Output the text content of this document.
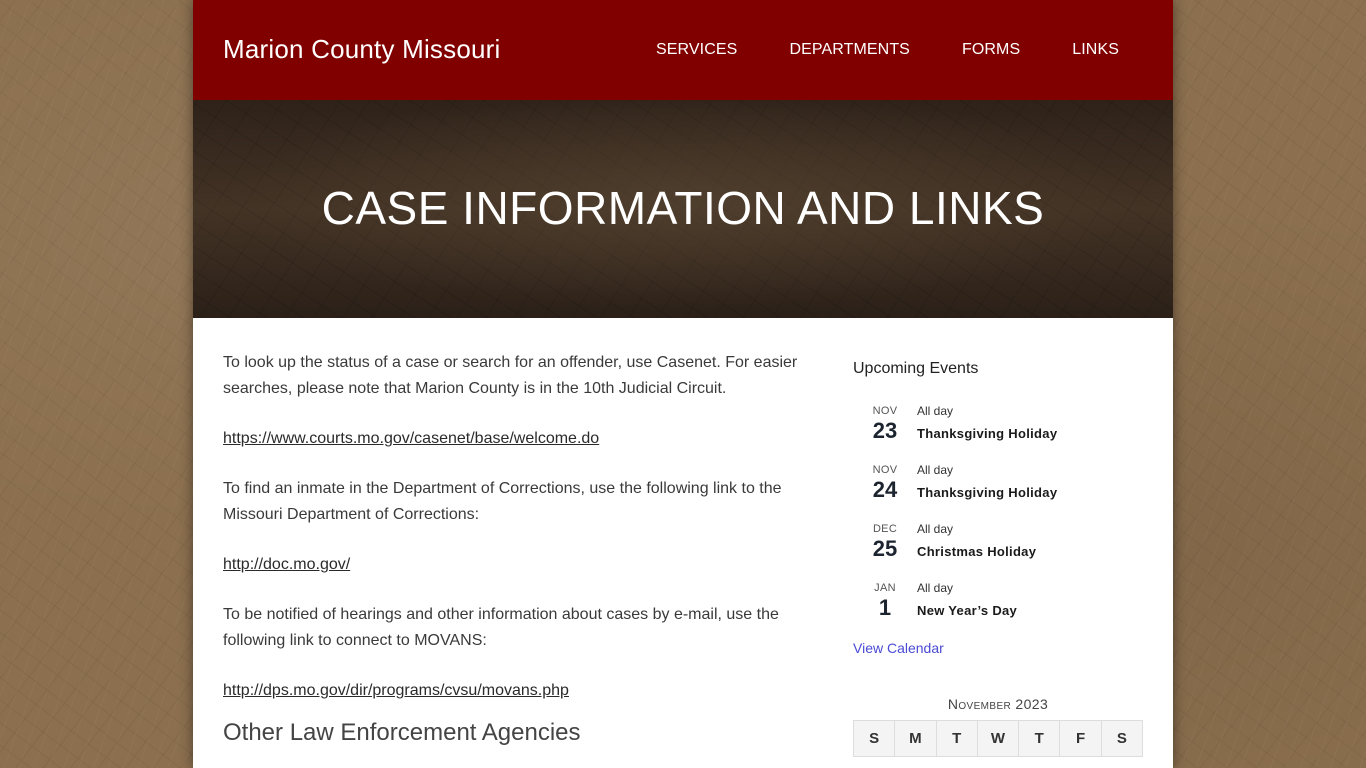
Marion County Missouri	SERVICES	DEPARTMENTS	FORMS	LINKS
CASE INFORMATION AND LINKS

To look up the status of a case or search for an offender, use Casenet. For easier searches, please note that Marion County is in the 10th Judicial Circuit.

https://www.courts.mo.gov/casenet/base/welcome.do

To find an inmate in the Department of Corrections, use the following link to the Missouri Department of Corrections:

http://doc.mo.gov/

To be notified of hearings and other information about cases by e-mail, use the following link to connect to MOVANS:

http://dps.mo.gov/dir/programs/cvsu/movans.php

Other Law Enforcement Agencies
Upcoming Events
NOV
23
All day
Thanksgiving Holiday
NOV
24
All day
Thanksgiving Holiday
DEC
25
All day
Christmas Holiday
JAN
1
All day
New Year’s Day
View Calendar
November 2023
S	M	T	W	T	F	S
